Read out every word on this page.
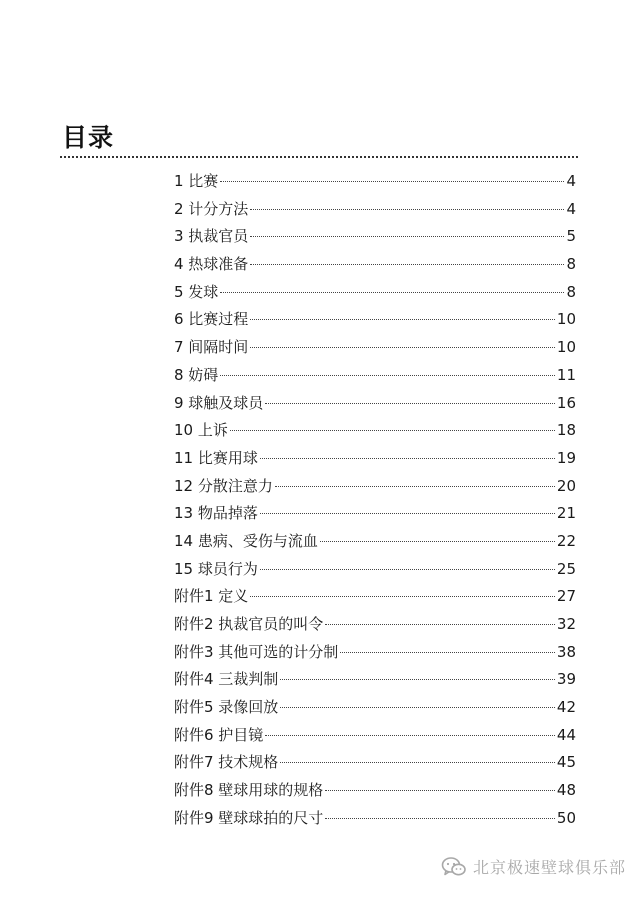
目录
1 比赛	4
2 计分方法	4
3 执裁官员	5
4 热球准备	8
5 发球	8
6 比赛过程	10
7 间隔时间	10
8 妨碍	11
9 球触及球员	16
10 上诉	18
11 比赛用球	19
12 分散注意力	20
13 物品掉落	21
14 患病、受伤与流血	22
15 球员行为	25
附件1 定义	27
附件2 执裁官员的叫令	32
附件3 其他可选的计分制	38
附件4 三裁判制	39
附件5 录像回放	42
附件6 护目镜	44
附件7 技术规格	45
附件8 壁球用球的规格	48
附件9 壁球球拍的尺寸	50
北京极速壁球俱乐部
